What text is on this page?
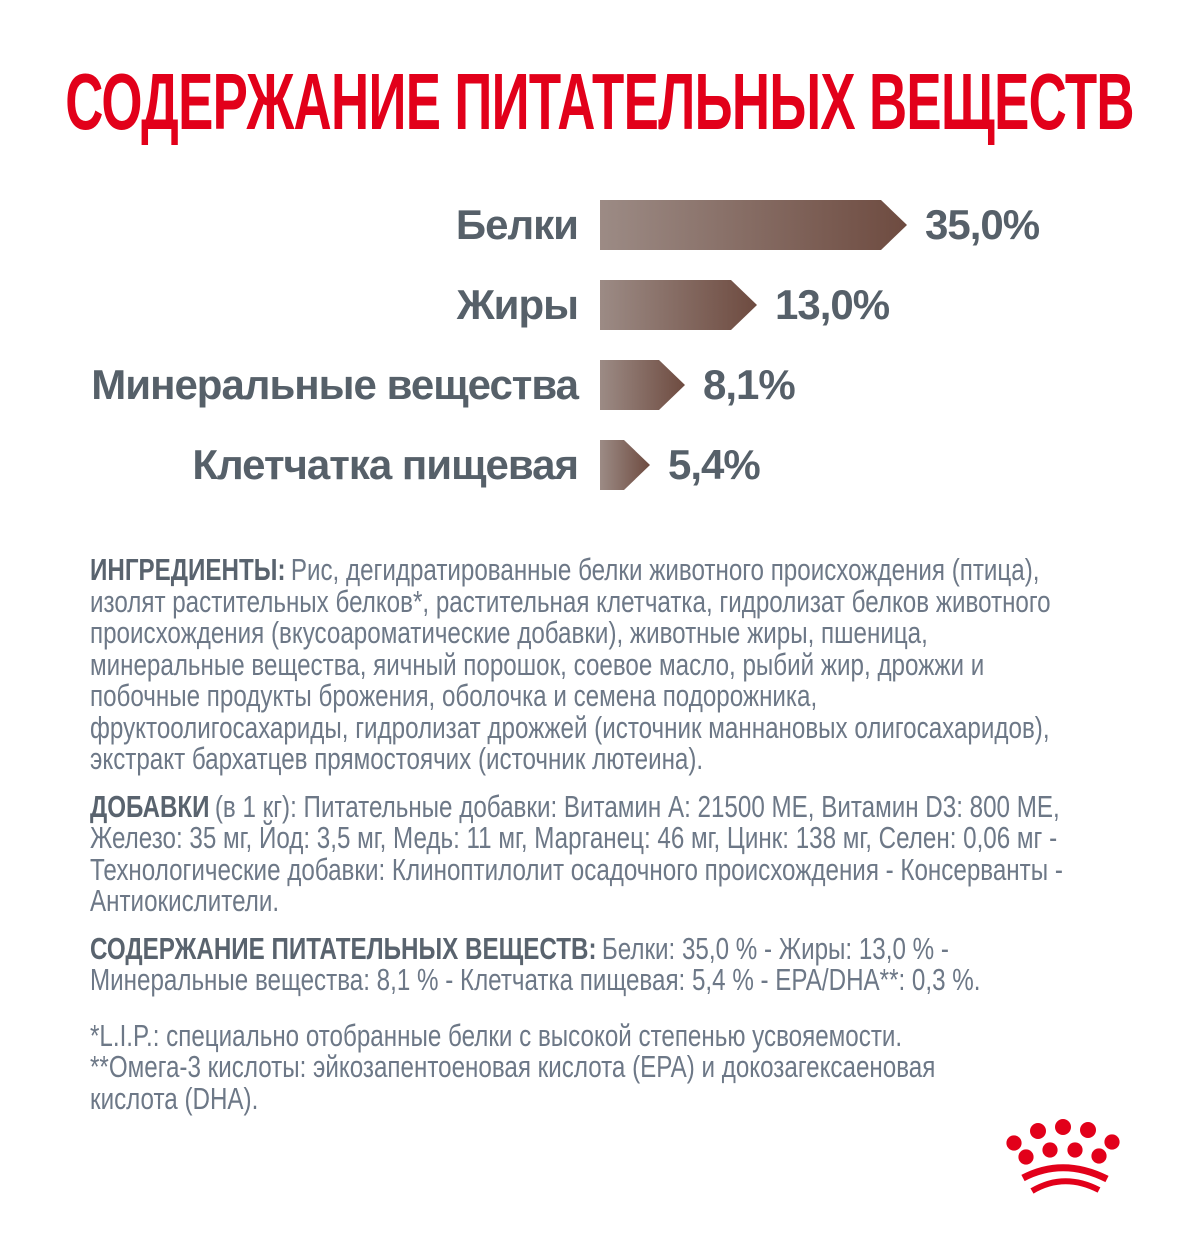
СОДЕРЖАНИЕ ПИТАТЕЛЬНЫХ ВЕЩЕСТВ
Белки	35,0%
Жиры	13,0%
Минеральные вещества	8,1%
Клетчатка пищевая	5,4%

ИНГРЕДИЕНТЫ: Рис, дегидратированные белки животного происхождения (птица),
изолят растительных белков*, растительная клетчатка, гидролизат белков животного
происхождения (вкусоароматические добавки), животные жиры, пшеница,
минеральные вещества, яичный порошок, соевое масло, рыбий жир, дрожжи и
побочные продукты брожения, оболочка и семена подорожника,
фруктоолигосахариды, гидролизат дрожжей (источник маннановых олигосахаридов),
экстракт бархатцев прямостоячих (источник лютеина).

ДОБАВКИ (в 1 кг): Питательные добавки: Витамин A: 21500 МЕ, Витамин D3: 800 МЕ,
Железо: 35 мг, Йод: 3,5 мг, Медь: 11 мг, Марганец: 46 мг, Цинк: 138 мг, Селен: 0,06 мг -
Технологические добавки: Клиноптилолит осадочного происхождения - Консерванты -
Антиокислители.

СОДЕРЖАНИЕ ПИТАТЕЛЬНЫХ ВЕЩЕСТВ: Белки: 35,0 % - Жиры: 13,0 % -
Минеральные вещества: 8,1 % - Клетчатка пищевая: 5,4 % - EPA/DHA**: 0,3 %.

*L.I.P.: специально отобранные белки с высокой степенью усвояемости.
**Омега-3 кислоты: эйкозапентоеновая кислота (EPA) и докозагексаеновая
кислота (DHA).
